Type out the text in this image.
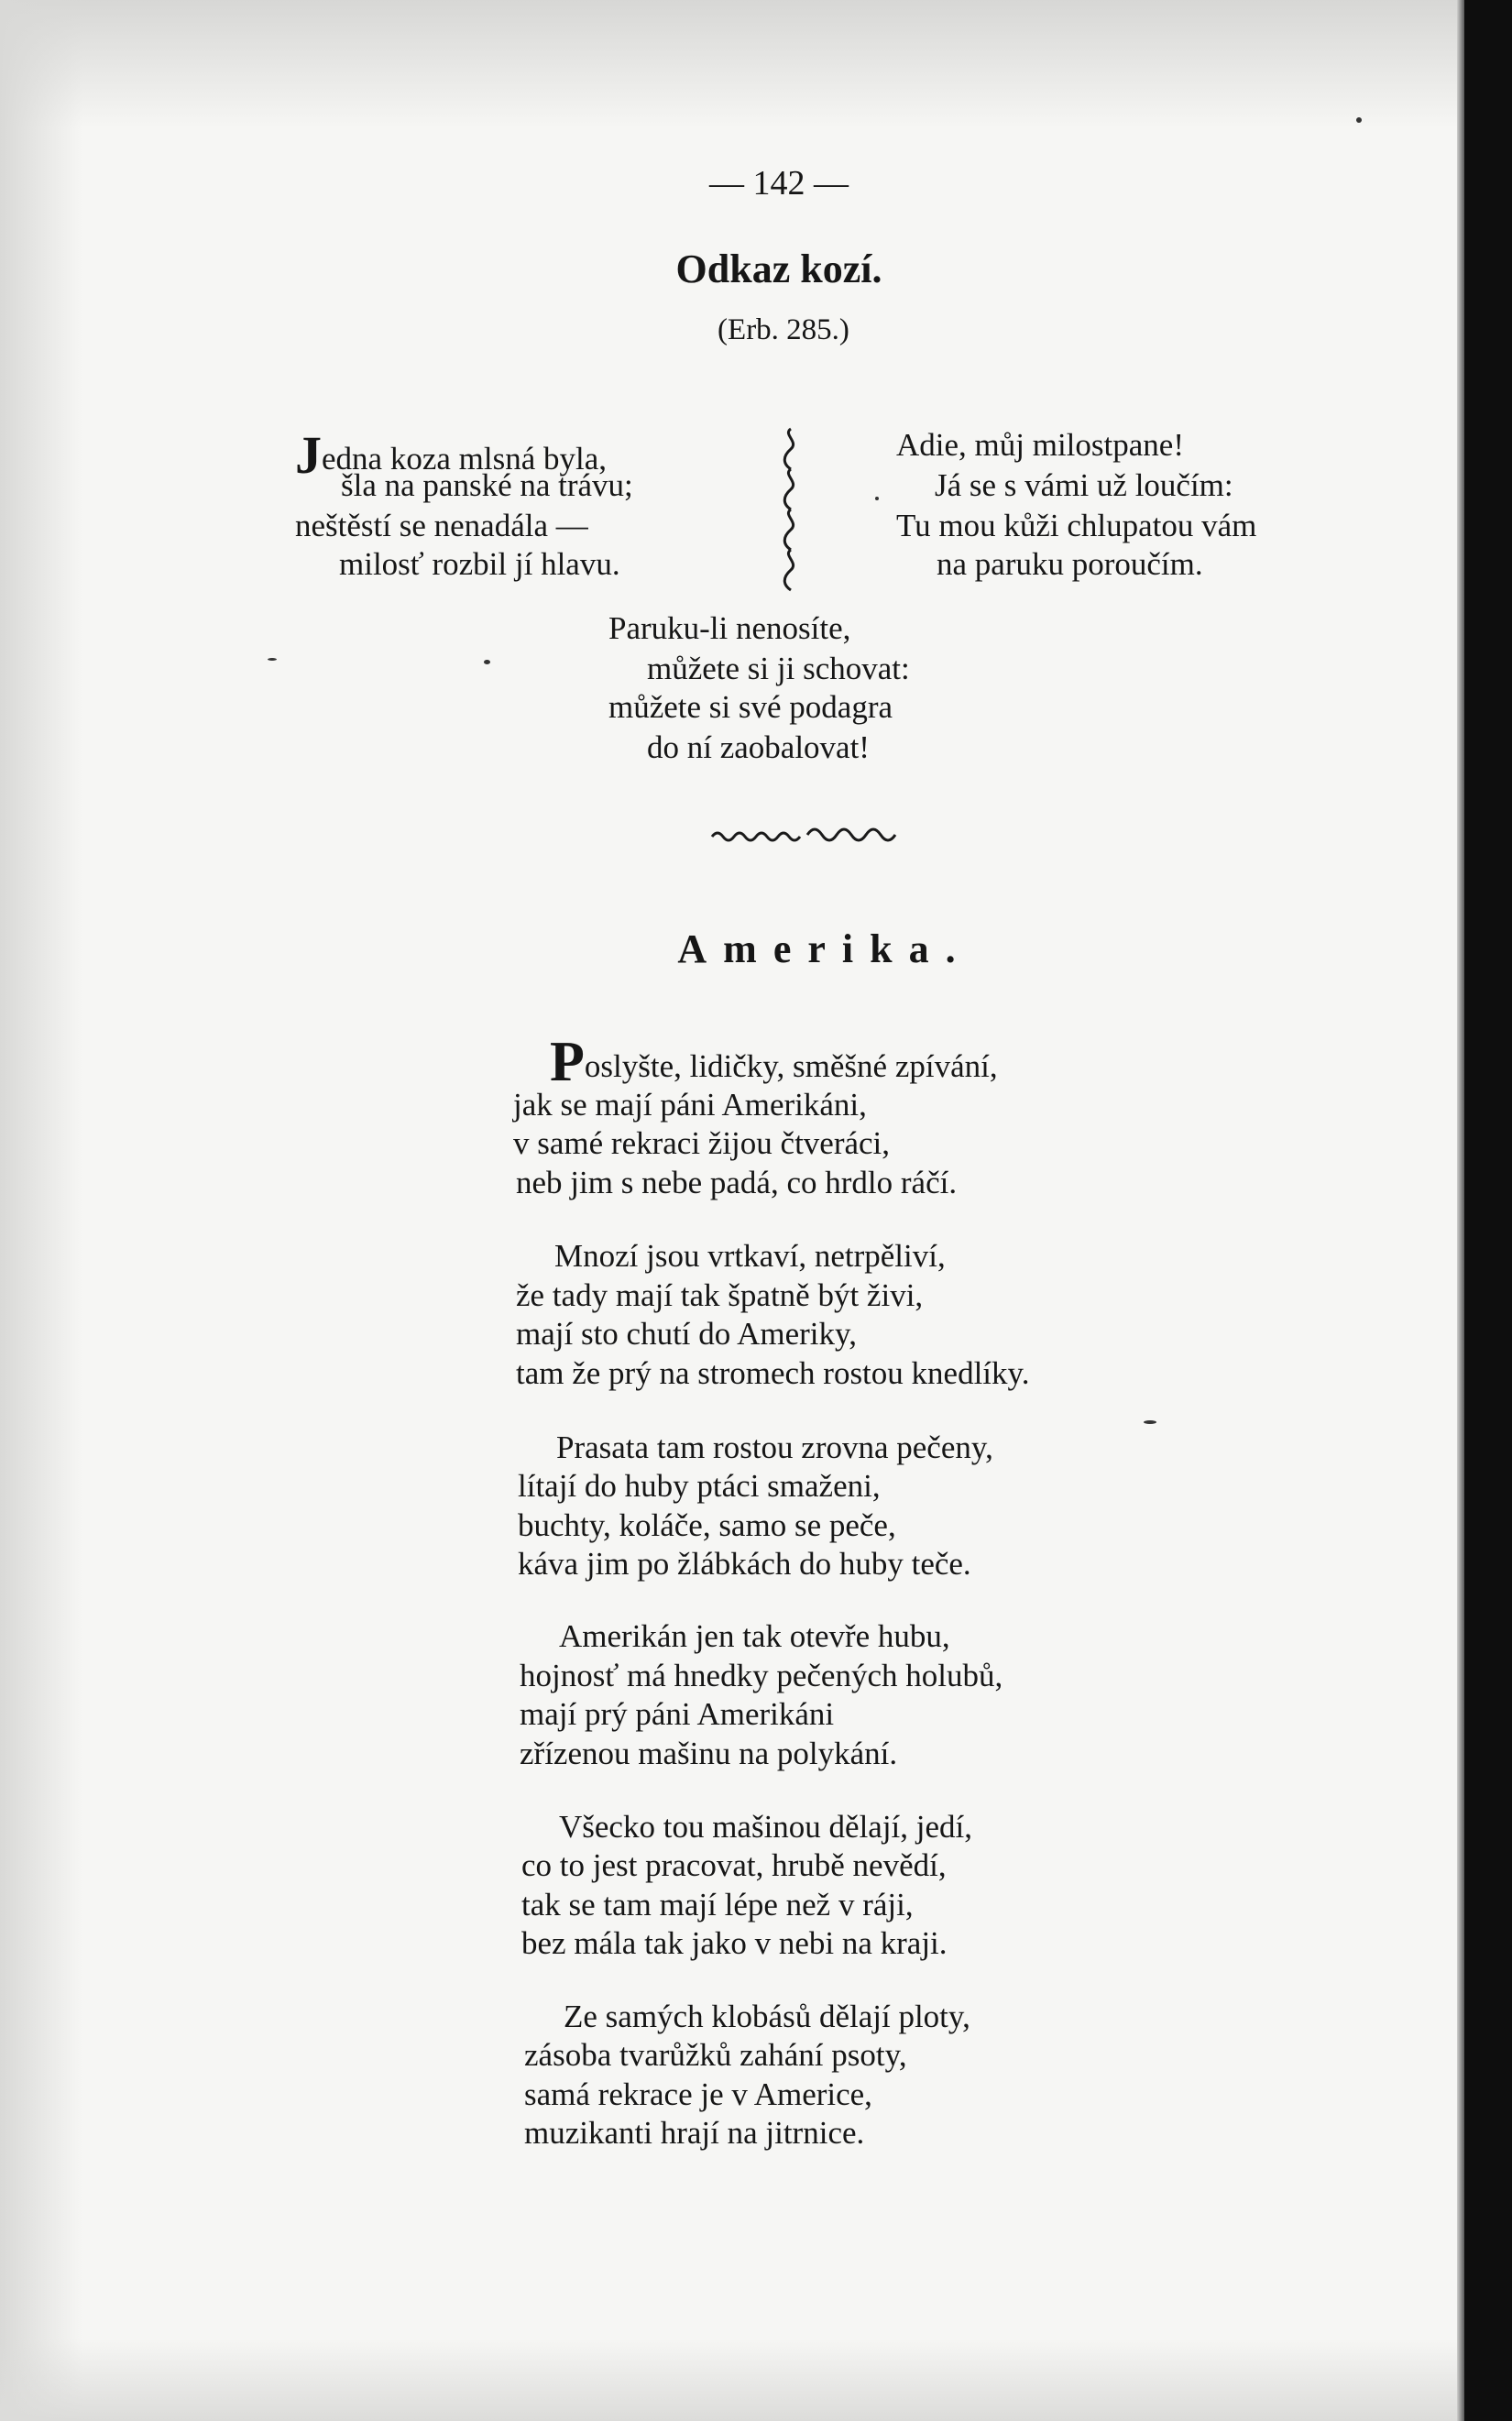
— 142 —
Odkaz kozí.
(Erb. 285.)
Jedna koza mlsná byla,
šla na panské na trávu;
neštěstí se nenadála —
milosť rozbil jí hlavu.
Adie, můj milostpane!
Já se s vámi už loučím:
Tu mou kůži chlupatou vám
na paruku poroučím.
Paruku-li nenosíte,
můžete si ji schovat:
můžete si své podagra
do ní zaobalovat!
Amerika.
Poslyšte, lidičky, směšné zpívání,
jak se mají páni Amerikáni,
v samé rekraci žijou čtveráci,
neb jim s nebe padá, co hrdlo ráčí.
Mnozí jsou vrtkaví, netrpěliví,
že tady mají tak špatně být živi,
mají sto chutí do Ameriky,
tam že prý na stromech rostou knedlíky.
Prasata tam rostou zrovna pečeny,
lítají do huby ptáci smaženi,
buchty, koláče, samo se peče,
káva jim po žlábkách do huby teče.
Amerikán jen tak otevře hubu,
hojnosť má hnedky pečených holubů,
mají prý páni Amerikáni
zřízenou mašinu na polykání.
Všecko tou mašinou dělají, jedí,
co to jest pracovat, hrubě nevědí,
tak se tam mají lépe než v ráji,
bez mála tak jako v nebi na kraji.
Ze samých klobásů dělají ploty,
zásoba tvarůžků zahání psoty,
samá rekrace je v Americe,
muzikanti hrají na jitrnice.
